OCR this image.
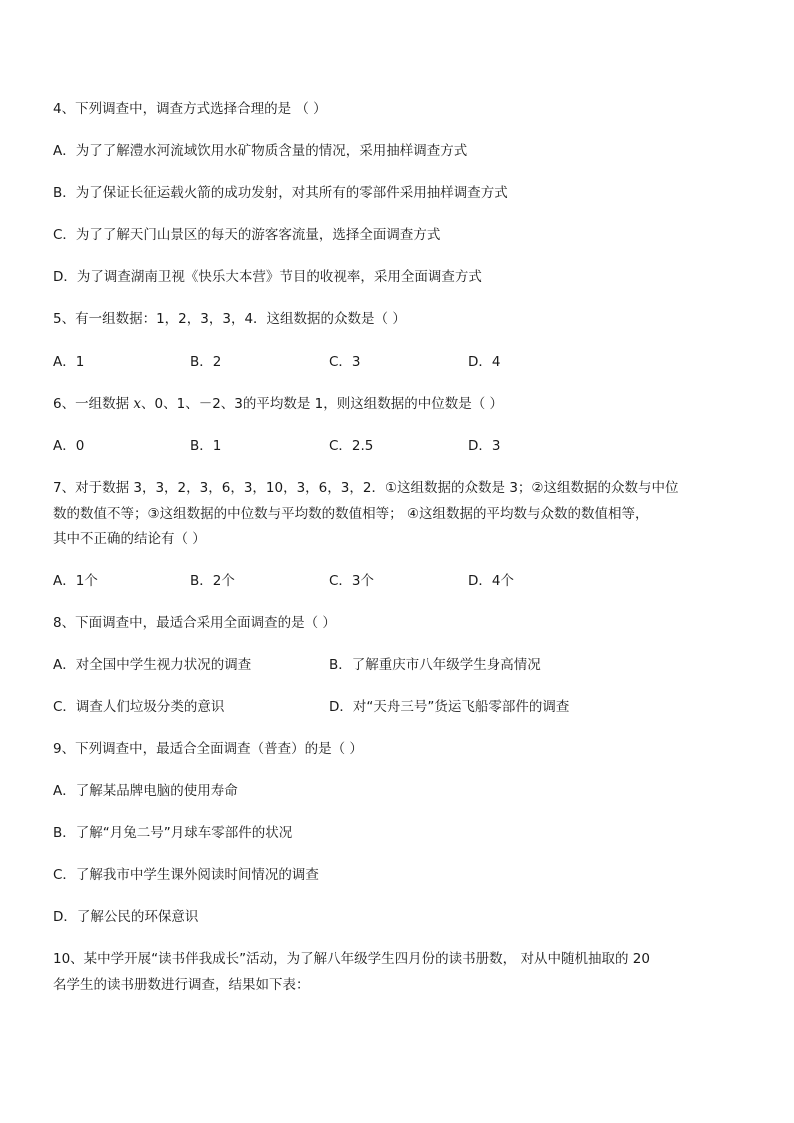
4、下列调查中，调查方式选择合理的是 （ ）
A．为了了解澧水河流域饮用水矿物质含量的情况，采用抽样调查方式
B．为了保证长征运载火箭的成功发射，对其所有的零部件采用抽样调查方式
C．为了了解天门山景区的每天的游客客流量，选择全面调查方式
D．为了调查湖南卫视《快乐大本营》节目的收视率，采用全面调查方式
5、有一组数据：1，2，3，3，4．这组数据的众数是（ ）
A．1	B．2	C．3	D．4
6、一组数据 x、0、1、－2、3的平均数是 1，则这组数据的中位数是（ ）
A．0	B．1	C．2.5	D．3
7、对于数据 3，3，2，3，6，3，10，3，6，3，2．①这组数据的众数是 3；②这组数据的众数与中位
数的数值不等；③这组数据的中位数与平均数的数值相等； ④这组数据的平均数与众数的数值相等，
其中不正确的结论有（ ）
A．1个	B．2个	C．3个	D．4个
8、下面调查中，最适合采用全面调查的是（ ）
A．对全国中学生视力状况的调查	B．了解重庆市八年级学生身高情况
C．调查人们垃圾分类的意识	D．对“天舟三号”货运飞船零部件的调查
9、下列调查中，最适合全面调查（普查）的是（ ）
A．了解某品牌电脑的使用寿命
B．了解“月兔二号”月球车零部件的状况
C．了解我市中学生课外阅读时间情况的调查
D．了解公民的环保意识
10、某中学开展“读书伴我成长”活动，为了解八年级学生四月份的读书册数， 对从中随机抽取的 20
名学生的读书册数进行调查，结果如下表：
